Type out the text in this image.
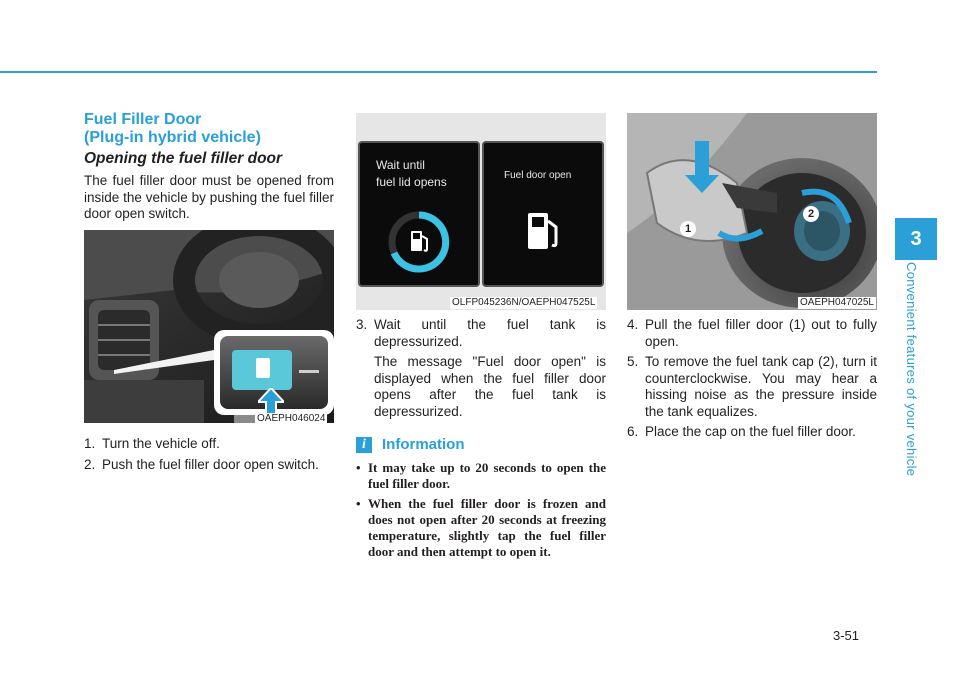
Fuel Filler Door
(Plug-in hybrid vehicle)
Opening the fuel filler door

The fuel filler door must be opened from inside the vehicle by pushing the fuel filler door open switch.

OAEPH046024
1. Turn the vehicle off.
2. Push the fuel filler door open switch.
Wait until
fuel lid opens	Fuel door open
OLFP045236N/OAEPH047525L
3. Wait until the fuel tank is depressurized.
The message "Fuel door open" is displayed when the fuel filler door opens after the fuel tank is depressurized.
i	Information
• It may take up to 20 seconds to open the fuel filler door.
• When the fuel filler door is frozen and does not open after 20 seconds at freezing temperature, slightly tap the fuel filler door and then attempt to open it.
1
2
OAEPH047025L
4. Pull the fuel filler door (1) out to fully open.
5. To remove the fuel tank cap (2), turn it counterclockwise. You may hear a hissing noise as the pressure inside the tank equalizes.
6. Place the cap on the fuel filler door.
3
Convenient features of your vehicle
3-51
